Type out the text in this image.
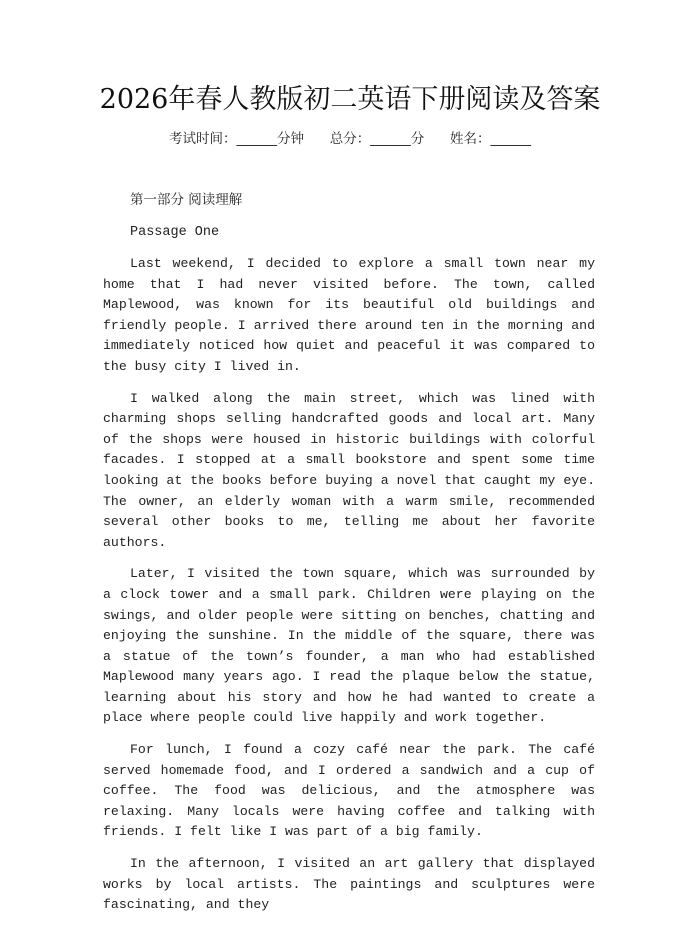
2026年春人教版初二英语下册阅读及答案
考试时间：______分钟      总分：______分      姓名：______
第一部分 阅读理解
Passage One

Last weekend, I decided to explore a small town near my home that I had never visited before. The town, called Maplewood, was known for its beautiful old buildings and friendly people. I arrived there around ten in the morning and immediately noticed how quiet and peaceful it was compared to the busy city I lived in.

I walked along the main street, which was lined with charming shops selling handcrafted goods and local art. Many of the shops were housed in historic buildings with colorful facades. I stopped at a small bookstore and spent some time looking at the books before buying a novel that caught my eye. The owner, an elderly woman with a warm smile, recommended several other books to me, telling me about her favorite authors.

Later, I visited the town square, which was surrounded by a clock tower and a small park. Children were playing on the swings, and older people were sitting on benches, chatting and enjoying the sunshine. In the middle of the square, there was a statue of the town’s founder, a man who had established Maplewood many years ago. I read the plaque below the statue, learning about his story and how he had wanted to create a place where people could live happily and work together.

For lunch, I found a cozy café near the park. The café served homemade food, and I ordered a sandwich and a cup of coffee. The food was delicious, and the atmosphere was relaxing. Many locals were having coffee and talking with friends. I felt like I was part of a big family.

In the afternoon, I visited an art gallery that displayed works by local artists. The paintings and sculptures were fascinating, and they
